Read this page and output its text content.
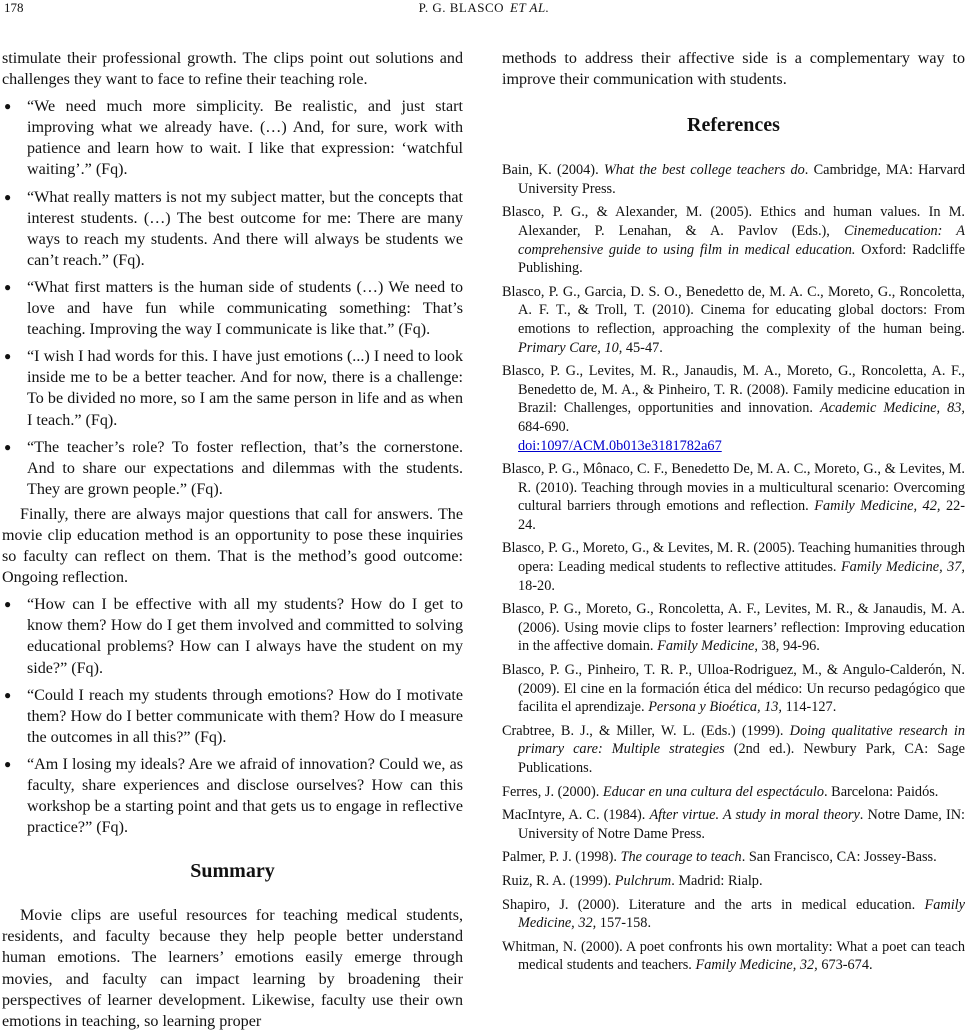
178	P. G. BLASCO ET AL.

stimulate their professional growth. The clips point out solutions and challenges they want to face to refine their teaching role.

● “We need much more simplicity. Be realistic, and just start improving what we already have. (…) And, for sure, work with patience and learn how to wait. I like that expression: ‘watchful waiting’.” (Fq).
● “What really matters is not my subject matter, but the concepts that interest students. (…) The best outcome for me: There are many ways to reach my students. And there will always be students we can’t reach.” (Fq).
● “What first matters is the human side of students (…) We need to love and have fun while communicating something: That’s teaching. Improving the way I communicate is like that.” (Fq).
● “I wish I had words for this. I have just emotions (...) I need to look inside me to be a better teacher. And for now, there is a challenge: To be divided no more, so I am the same person in life and as when I teach.” (Fq).
● “The teacher’s role? To foster reflection, that’s the cornerstone. And to share our expectations and dilemmas with the students. They are grown people.” (Fq).

Finally, there are always major questions that call for answers. The movie clip education method is an opportunity to pose these inquiries so faculty can reflect on them. That is the method’s good outcome: Ongoing reflection.

● “How can I be effective with all my students? How do I get to know them? How do I get them involved and committed to solving educational problems? How can I always have the student on my side?” (Fq).
● “Could I reach my students through emotions? How do I motivate them? How do I better communicate with them? How do I measure the outcomes in all this?” (Fq).
● “Am I losing my ideals? Are we afraid of innovation? Could we, as faculty, share experiences and disclose ourselves? How can this workshop be a starting point and that gets us to engage in reflective practice?” (Fq).
Summary

Movie clips are useful resources for teaching medical students, residents, and faculty because they help people better understand human emotions. The learners’ emotions easily emerge through movies, and faculty can impact learning by broadening their perspectives of learner development. Likewise, faculty use their own emotions in teaching, so learning proper

methods to address their affective side is a complementary way to improve their communication with students.

References

Bain, K. (2004). What the best college teachers do. Cambridge, MA: Harvard University Press.

Blasco, P. G., & Alexander, M. (2005). Ethics and human values. In M. Alexander, P. Lenahan, & A. Pavlov (Eds.), Cinemeducation: A comprehensive guide to using film in medical education. Oxford: Radcliffe Publishing.

Blasco, P. G., Garcia, D. S. O., Benedetto de, M. A. C., Moreto, G., Roncoletta, A. F. T., & Troll, T. (2010). Cinema for educating global doctors: From emotions to reflection, approaching the complexity of the human being. Primary Care, 10, 45-47.

Blasco, P. G., Levites, M. R., Janaudis, M. A., Moreto, G., Roncoletta, A. F., Benedetto de, M. A., & Pinheiro, T. R. (2008). Family medicine education in Brazil: Challenges, opportunities and innovation. Academic Medicine, 83, 684-690.
doi:1097/ACM.0b013e3181782a67

Blasco, P. G., Mônaco, C. F., Benedetto De, M. A. C., Moreto, G., & Levites, M. R. (2010). Teaching through movies in a multicultural scenario: Overcoming cultural barriers through emotions and reflection. Family Medicine, 42, 22-24.

Blasco, P. G., Moreto, G., & Levites, M. R. (2005). Teaching humanities through opera: Leading medical students to reflective attitudes. Family Medicine, 37, 18-20.

Blasco, P. G., Moreto, G., Roncoletta, A. F., Levites, M. R., & Janaudis, M. A. (2006). Using movie clips to foster learners’ reflection: Improving education in the affective domain. Family Medicine, 38, 94-96.

Blasco, P. G., Pinheiro, T. R. P., Ulloa-Rodriguez, M., & Angulo-Calderón, N. (2009). El cine en la formación ética del médico: Un recurso pedagógico que facilita el aprendizaje. Persona y Bioética, 13, 114-127.

Crabtree, B. J., & Miller, W. L. (Eds.) (1999). Doing qualitative research in primary care: Multiple strategies (2nd ed.). Newbury Park, CA: Sage Publications.

Ferres, J. (2000). Educar en una cultura del espectáculo. Barcelona: Paidós.

MacIntyre, A. C. (1984). After virtue. A study in moral theory. Notre Dame, IN: University of Notre Dame Press.

Palmer, P. J. (1998). The courage to teach. San Francisco, CA: Jossey-Bass.

Ruiz, R. A. (1999). Pulchrum. Madrid: Rialp.

Shapiro, J. (2000). Literature and the arts in medical education. Family Medicine, 32, 157-158.

Whitman, N. (2000). A poet confronts his own mortality: What a poet can teach medical students and teachers. Family Medicine, 32, 673-674.
